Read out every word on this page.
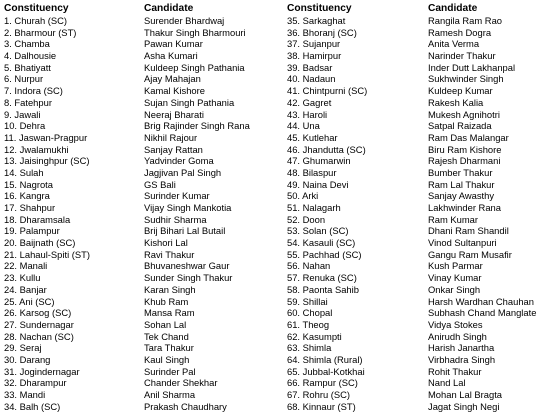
Constituency	Candidate
1. Churah (SC)	Surender Bhardwaj
2. Bharmour (ST)	Thakur Singh Bharmouri
3. Chamba	Pawan Kumar
4. Dalhousie	Asha Kumari
5. Bhatiyatt	Kuldeep Singh Pathania
6. Nurpur	Ajay Mahajan
7. Indora (SC)	Kamal Kishore
8. Fatehpur	Sujan Singh Pathania
9. Jawali	Neeraj Bharati
10. Dehra	Brig Rajinder Singh Rana
11. Jaswan-Pragpur	Nikhil Rajour
12. Jwalamukhi	Sanjay Rattan
13. Jaisinghpur (SC)	Yadvinder Goma
14. Sulah	Jagjivan Pal Singh
15. Nagrota	GS Bali
16. Kangra	Surinder Kumar
17. Shahpur	Vijay Singh Mankotia
18. Dharamsala	Sudhir Sharma
19. Palampur	Brij Bihari Lal Butail
20. Baijnath (SC)	Kishori Lal
21. Lahaul-Spiti (ST)	Ravi Thakur
22. Manali	Bhuvaneshwar Gaur
23. Kullu	Sunder Singh Thakur
24. Banjar	Karan Singh
25. Ani (SC)	Khub Ram
26. Karsog (SC)	Mansa Ram
27. Sundernagar	Sohan Lal
28. Nachan (SC)	Tek Chand
29. Seraj	Tara Thakur
30. Darang	Kaul Singh
31. Jogindernagar	Surinder Pal
32. Dharampur	Chander Shekhar
33. Mandi	Anil Sharma
34. Balh (SC)	Prakash Chaudhary
Constituency	Candidate
35. Sarkaghat	Rangila Ram Rao
36. Bhoranj (SC)	Ramesh Dogra
37. Sujanpur	Anita Verma
38. Hamirpur	Narinder Thakur
39. Badsar	Inder Dutt Lakhanpal
40. Nadaun	Sukhwinder Singh
41. Chintpurni (SC)	Kuldeep Kumar
42. Gagret	Rakesh Kalia
43. Haroli	Mukesh Agnihotri
44. Una	Satpal Raizada
45. Kutlehar	Ram Das Malangar
46. Jhandutta (SC)	Biru Ram Kishore
47. Ghumarwin	Rajesh Dharmani
48. Bilaspur	Bumber Thakur
49. Naina Devi	Ram Lal Thakur
50. Arki	Sanjay Awasthy
51. Nalagarh	Lakhwinder Rana
52. Doon	Ram Kumar
53. Solan (SC)	Dhani Ram Shandil
54. Kasauli (SC)	Vinod Sultanpuri
55. Pachhad (SC)	Gangu Ram Musafir
56. Nahan	Kush Parmar
57. Renuka (SC)	Vinay Kumar
58. Paonta Sahib	Onkar Singh
59. Shillai	Harsh Wardhan Chauhan
60. Chopal	Subhash Chand Manglate
61. Theog	Vidya Stokes
62. Kasumpti	Anirudh Singh
63. Shimla	Harish Janartha
64. Shimla (Rural)	Virbhadra Singh
65. Jubbal-Kotkhai	Rohit Thakur
66. Rampur (SC)	Nand Lal
67. Rohru (SC)	Mohan Lal Bragta
68. Kinnaur (ST)	Jagat Singh Negi
